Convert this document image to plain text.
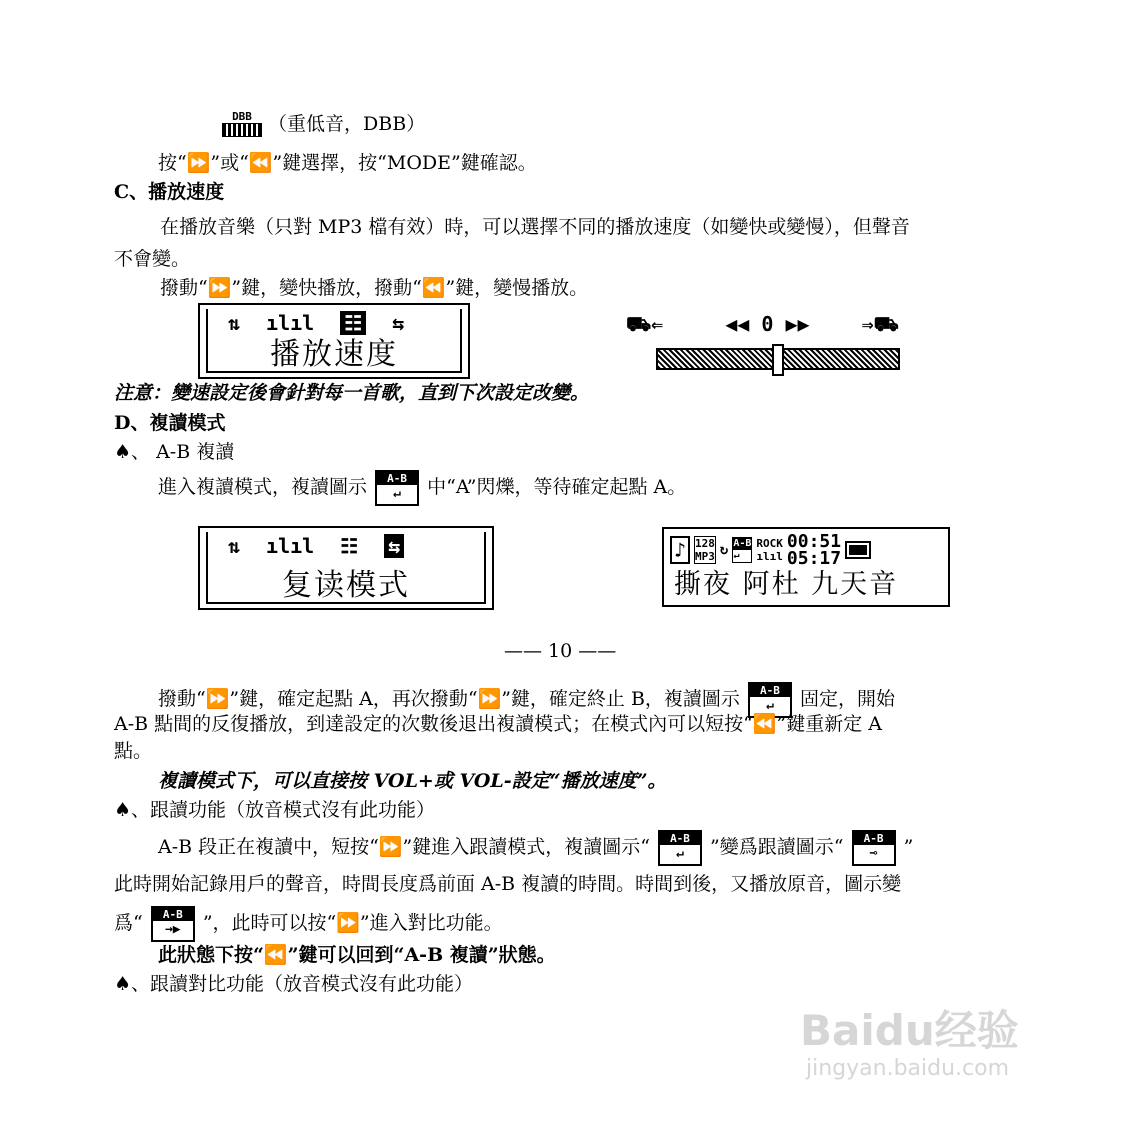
DBB （重低音，DBB）
按“⏩”或“⏪”鍵選擇，按“MODE”鍵確認。
C、播放速度
在播放音樂（只對 MP3 檔有效）時，可以選擇不同的播放速度（如變快或變慢），但聲音
不會變。
撥動“⏩”鍵，變快播放，撥動“⏪”鍵，變慢播放。
⇅ ılıl ☷ ⇆
播放速度
⛟⇐	◀◀ 0 ▶▶	⇒⛟
注意：變速設定後會針對每一首歌，直到下次設定改變。
D、複讀模式
♠、 A-B 複讀
進入複讀模式，複讀圖示	A-B
↵	中“A”閃爍，等待確定起點 A。
⇅ ılıl ☷ ⇆
复读模式
♪ 128
MP3 ↻ A-B
↵
ROCK
ılıl
00:51
05:17
撕夜 阿杜 九天音
—— 10 ——
撥動“⏩”鍵，確定起點 A，再次撥動“⏩”鍵，確定終止 B，複讀圖示	A-B
↵	固定，開始
A-B 點間的反復播放，到達設定的次數後退出複讀模式；在模式內可以短按“⏪”鍵重新定 A
點。
複讀模式下，可以直接按 VOL+或 VOL-設定“播放速度”。
♠、跟讀功能（放音模式沒有此功能）
A-B 段正在複讀中，短按“⏩”鍵進入跟讀模式，複讀圖示“	A-B
↵	”變爲跟讀圖示“	A-B
⊸	”
此時開始記錄用戶的聲音，時間長度爲前面 A-B 複讀的時間。時間到後，又播放原音，圖示變
爲“	A-B
→▶	”，此時可以按“⏩”進入對比功能。
此狀態下按“⏪”鍵可以回到“A-B 複讀”狀態。
♠、跟讀對比功能（放音模式沒有此功能）
Baidu经验
jingyan.baidu.com
